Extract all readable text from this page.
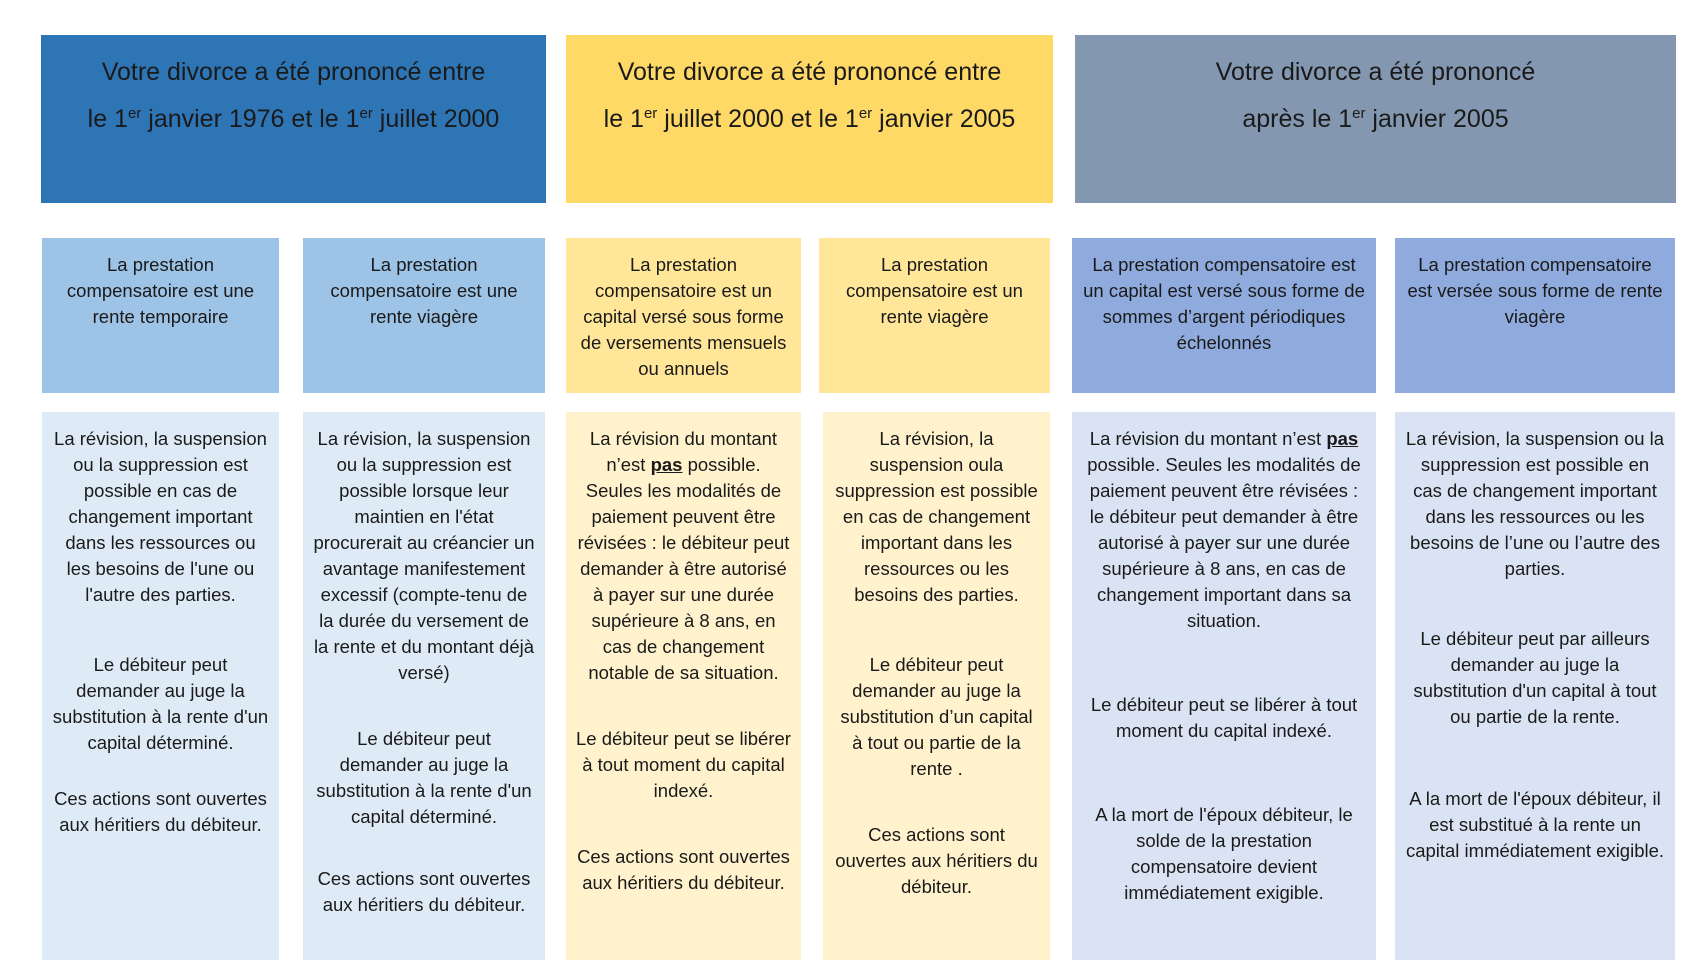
Votre divorce a été prononcé entre
le 1er janvier 1976 et le 1er juillet 2000
Votre divorce a été prononcé entre
le 1er juillet 2000 et le 1er janvier 2005
Votre divorce a été prononcé
après le 1er janvier 2005
La prestation compensatoire est une rente temporaire
La prestation compensatoire est une rente viagère
La prestation compensatoire est un capital versé sous forme de versements mensuels ou annuels
La prestation compensatoire est un rente viagère
La prestation compensatoire est un capital est versé sous forme de sommes d’argent périodiques échelonnés
La prestation compensatoire est versée sous forme de rente viagère

La révision, la suspension ou la suppression est possible en cas de changement important dans les ressources ou les besoins de l'une ou l'autre des parties.

Le débiteur peut demander au juge la substitution à la rente d'un capital déterminé.

Ces actions sont ouvertes aux héritiers du débiteur.

La révision, la suspension ou la suppression est possible lorsque leur maintien en l'état procurerait au créancier un avantage manifestement excessif (compte-tenu de la durée du versement de la rente et du montant déjà versé)

Le débiteur peut demander au juge la substitution à la rente d'un capital déterminé.

Ces actions sont ouvertes aux héritiers du débiteur.

La révision du montant n’est pas possible. Seules les modalités de paiement peuvent être révisées : le débiteur peut demander à être autorisé à payer sur une durée supérieure à 8 ans, en cas de changement notable de sa situation.

Le débiteur peut se libérer à tout moment du capital indexé.

Ces actions sont ouvertes aux héritiers du débiteur.

La révision, la suspension oula suppression est possible en cas de changement important dans les ressources ou les besoins des parties.

Le débiteur peut demander au juge la substitution d’un capital à tout ou partie de la rente .

Ces actions sont ouvertes aux héritiers du débiteur.

La révision du montant n’est pas possible. Seules les modalités de paiement peuvent être révisées : le débiteur peut demander à être autorisé à payer sur une durée supérieure à 8 ans, en cas de changement important dans sa situation.

Le débiteur peut se libérer à tout moment du capital indexé.

A la mort de l'époux débiteur, le solde de la prestation compensatoire devient immédiatement exigible.

La révision, la suspension ou la suppression est possible en cas de changement important dans les ressources ou les besoins de l’une ou l’autre des parties.

Le débiteur peut par ailleurs demander au juge la substitution d'un capital à tout ou partie de la rente.

A la mort de l'époux débiteur, il est substitué à la rente un capital immédiatement exigible.
